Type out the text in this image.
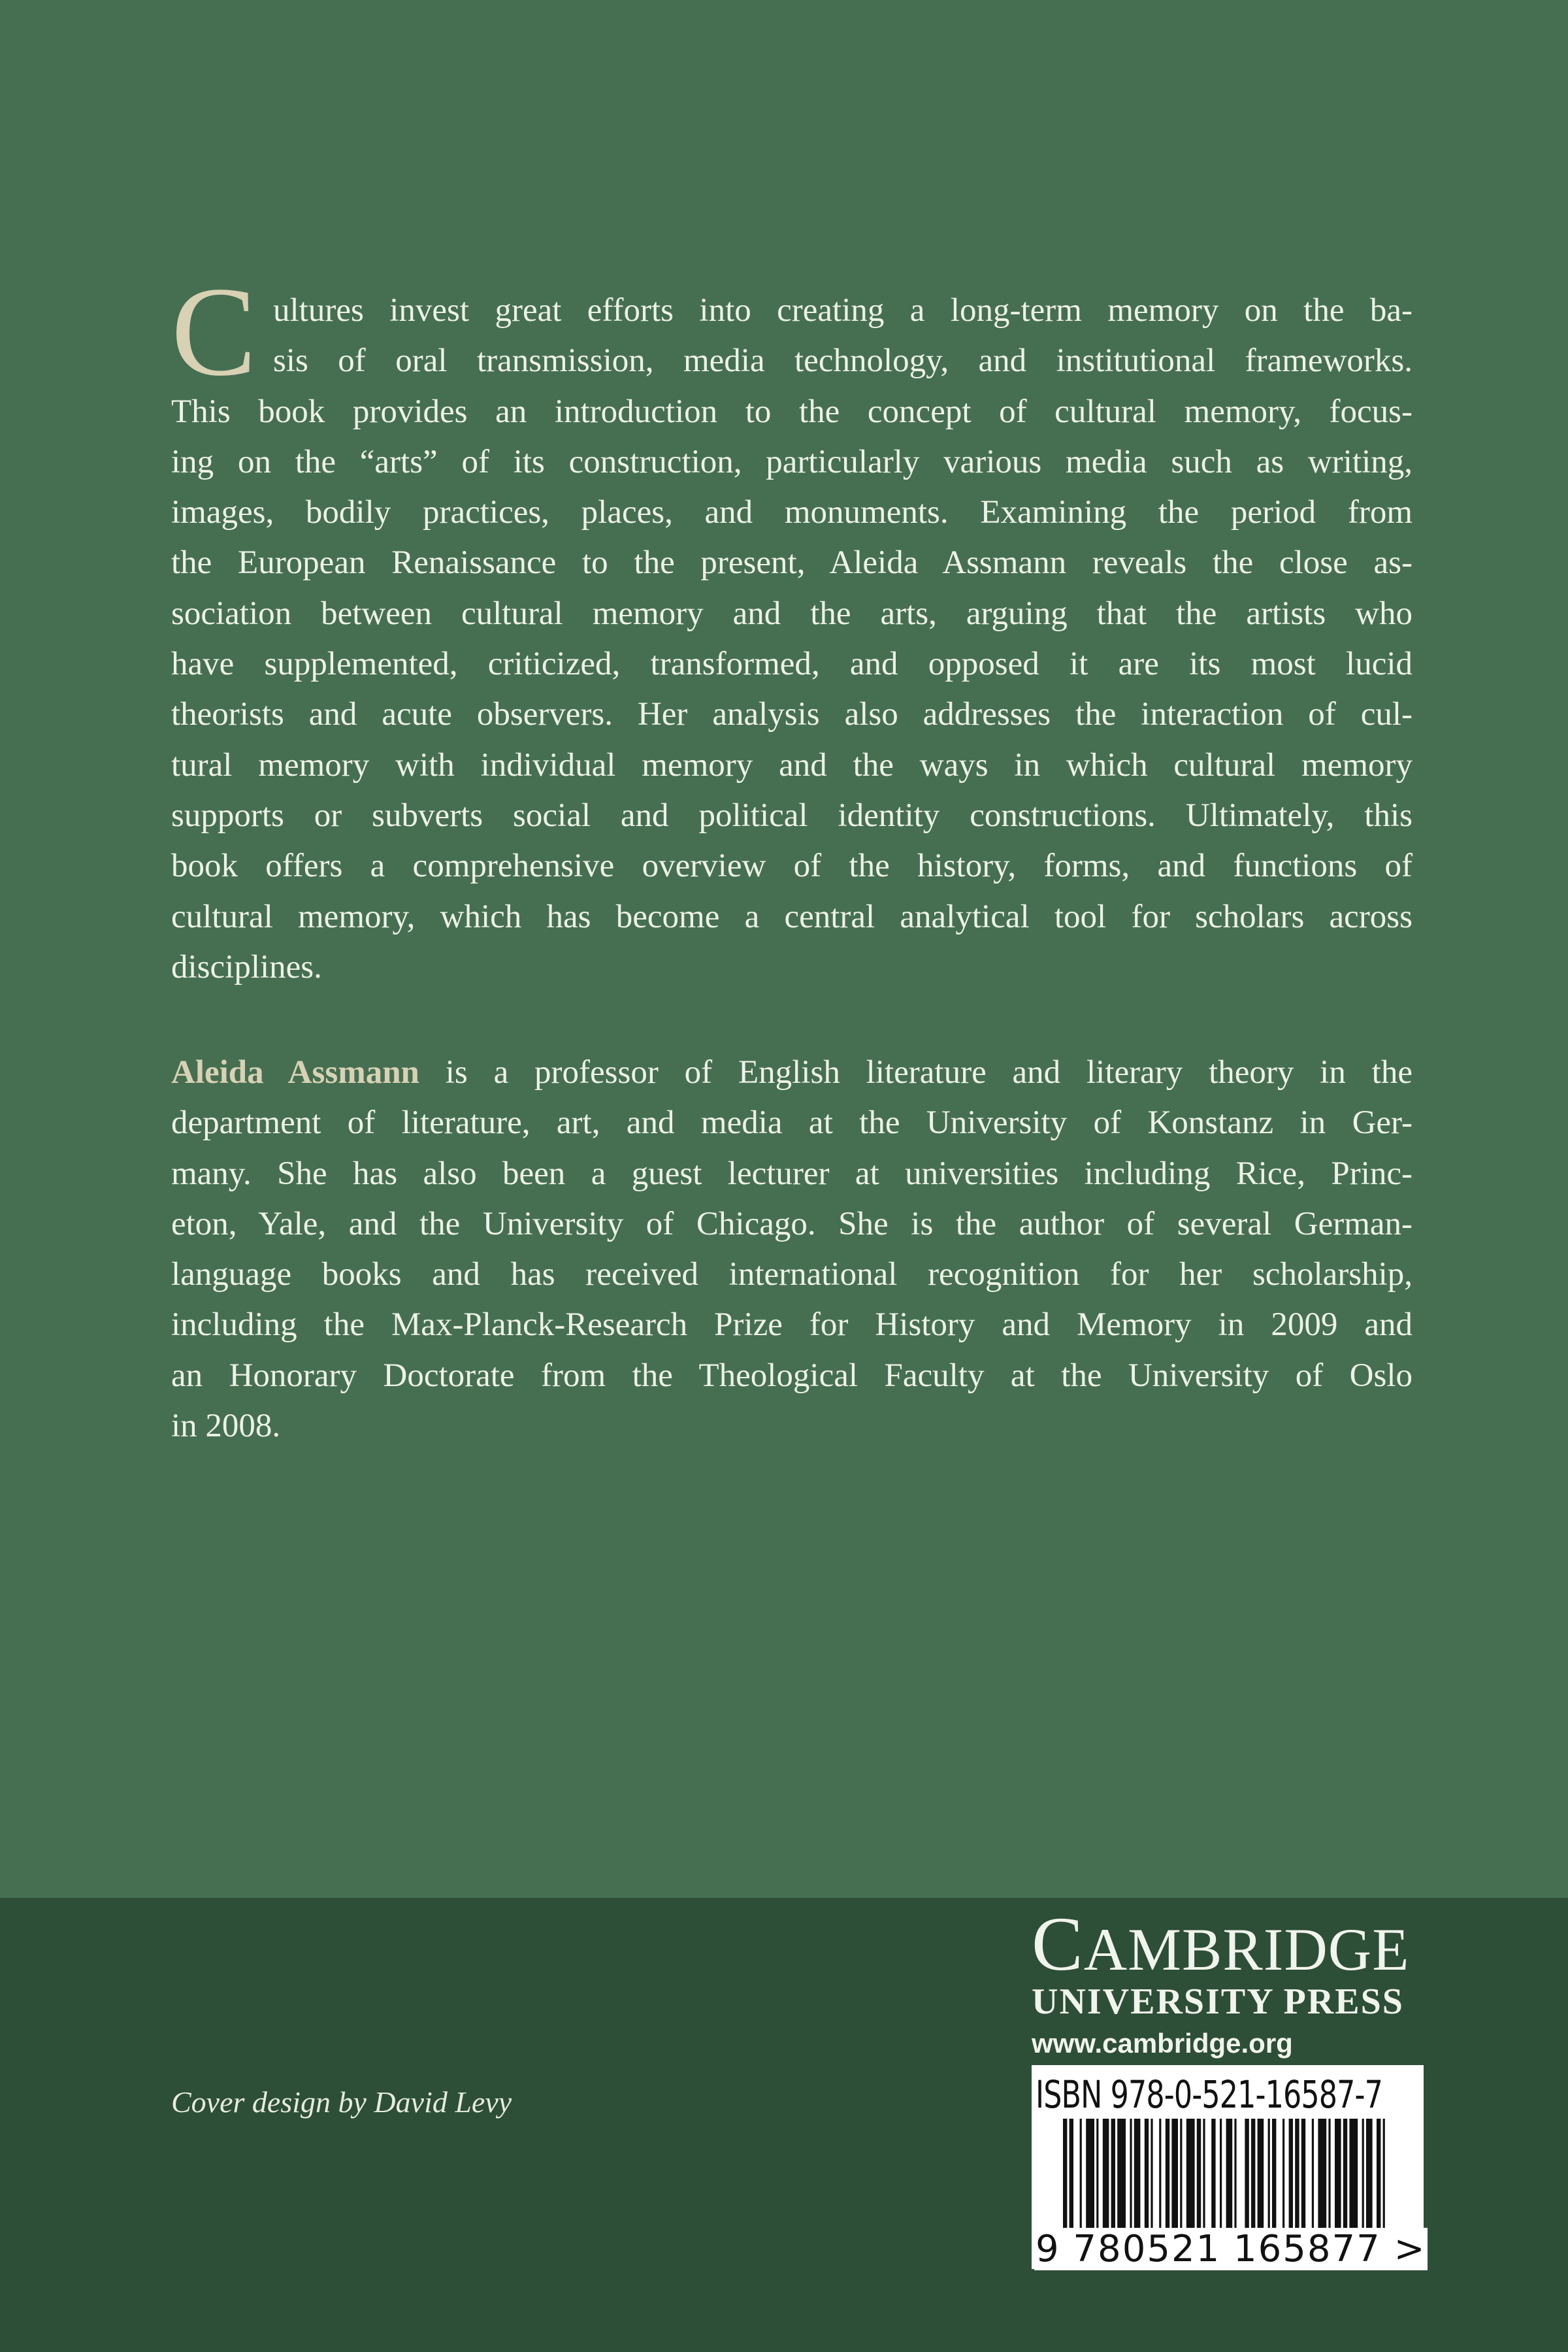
C ultures invest great efforts into creating a long-term memory on the ba-
sis of oral transmission, media technology, and institutional frameworks.
This book provides an introduction to the concept of cultural memory, focus-
ing on the “arts” of its construction, particularly various media such as writing,
images, bodily practices, places, and monuments. Examining the period from
the European Renaissance to the present, Aleida Assmann reveals the close as-
sociation between cultural memory and the arts, arguing that the artists who
have supplemented, criticized, transformed, and opposed it are its most lucid
theorists and acute observers. Her analysis also addresses the interaction of cul-
tural memory with individual memory and the ways in which cultural memory
supports or subverts social and political identity constructions. Ultimately, this
book offers a comprehensive overview of the history, forms, and functions of
cultural memory, which has become a central analytical tool for scholars across
disciplines.
Aleida Assmann is a professor of English literature and literary theory in the
department of literature, art, and media at the University of Konstanz in Ger-
many. She has also been a guest lecturer at universities including Rice, Princ-
eton, Yale, and the University of Chicago. She is the author of several German-
language books and has received international recognition for her scholarship,
including the Max-Planck-Research Prize for History and Memory in 2009 and
an Honorary Doctorate from the Theological Faculty at the University of Oslo
in 2008.
Cover design by David Levy
CAMBRIDGE
UNIVERSITY PRESS
www.cambridge.org
ISBN 978-0-521-16587-7
9 780521 165877 >
